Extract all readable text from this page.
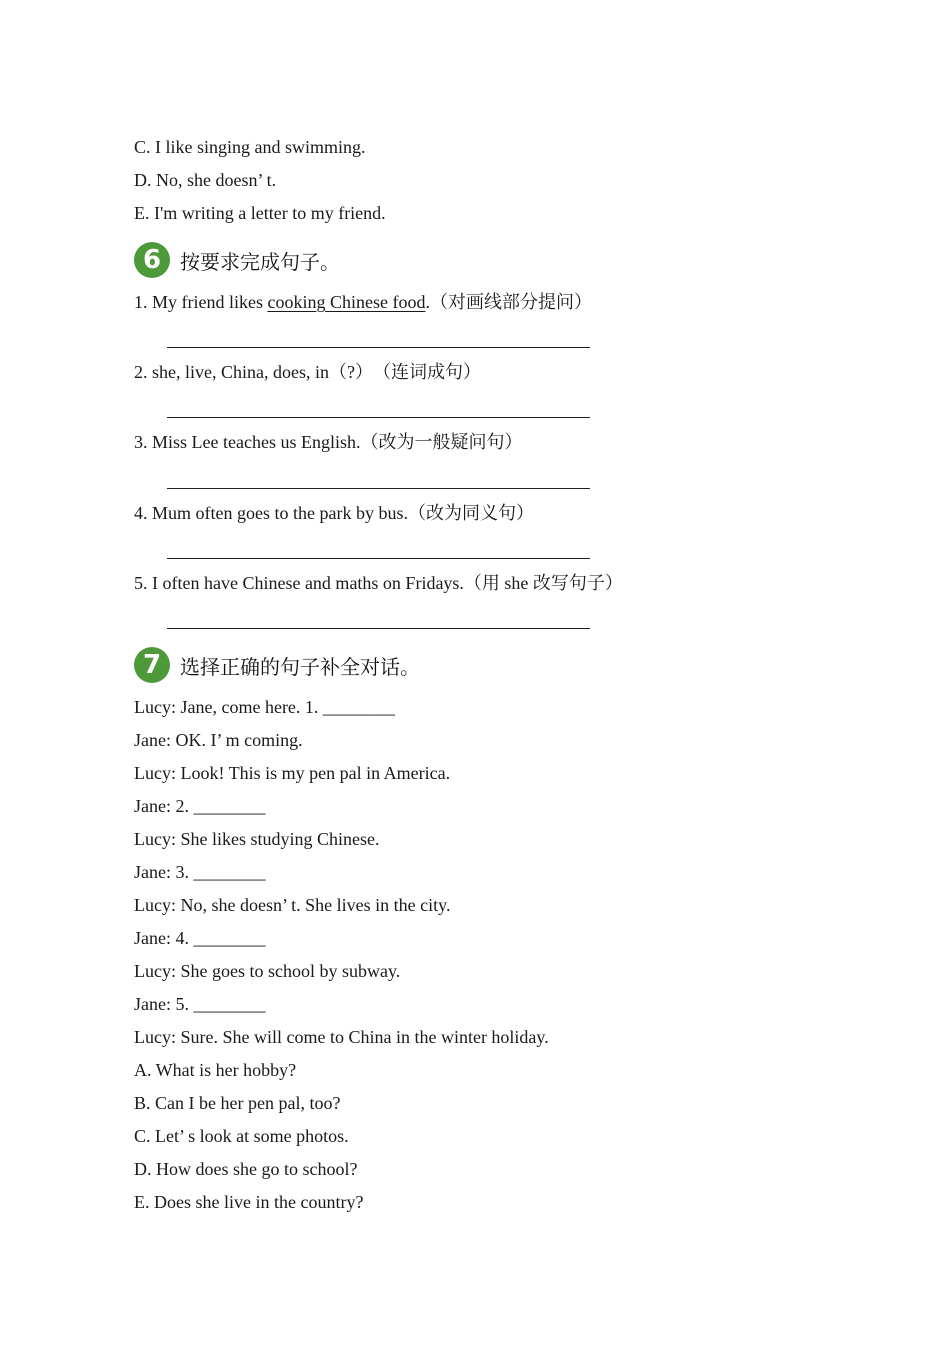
C. I like singing and swimming.
D. No, she doesn’ t.
E. I'm writing a letter to my friend.
6 按要求完成句子。
1. My friend likes cooking Chinese food.（对画线部分提问）
2. she, live, China, does, in（?）　（连词成句）
3. Miss Lee teaches us English.（改为一般疑问句）
4. Mum often goes to the park by bus.（改为同义句）
5. I often have Chinese and maths on Fridays.（用 she 改写句子）
7 选择正确的句子补全对话。
Lucy: Jane, come here. 1. ________
Jane: OK. I’ m coming.
Lucy: Look! This is my pen pal in America.
Jane: 2. ________
Lucy: She likes studying Chinese.
Jane: 3. ________
Lucy: No, she doesn’ t. She lives in the city.
Jane: 4. ________
Lucy: She goes to school by subway.
Jane: 5. ________
Lucy: Sure. She will come to China in the winter holiday.
A. What is her hobby?
B. Can I be her pen pal, too?
C. Let’ s look at some photos.
D. How does she go to school?
E. Does she live in the country?
